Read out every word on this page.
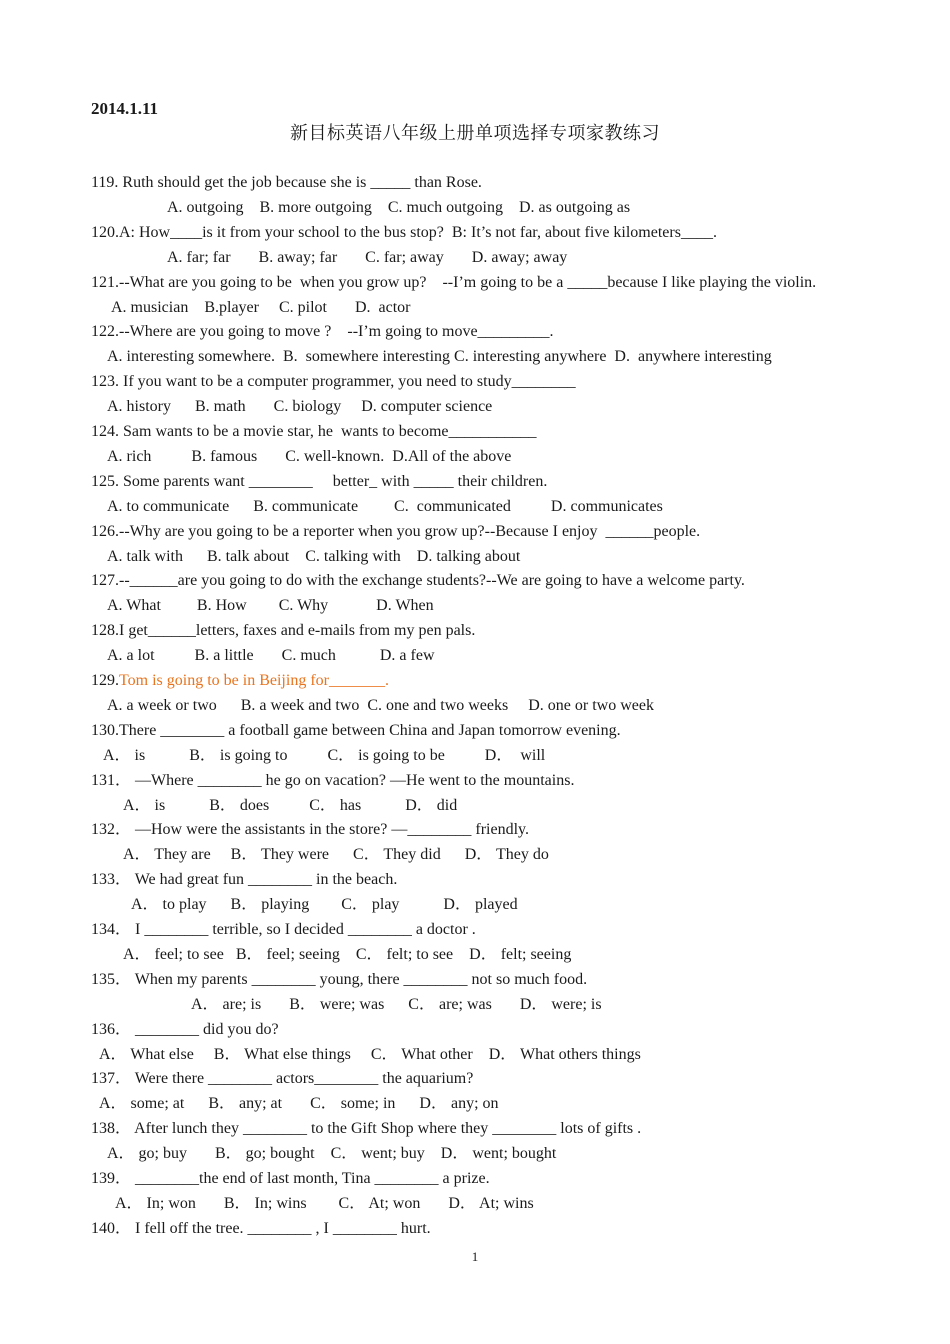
2014.1.11
新目标英语八年级上册单项选择专项家教练习
119. Ruth should get the job because she is _____ than Rose.
A. outgoing    B. more outgoing    C. much outgoing    D. as outgoing as
120.A: How____is it from your school to the bus stop?  B: It’s not far, about five kilometers____.
A. far; far       B. away; far       C. far; away       D. away; away
121.--What are you going to be  when you grow up?    --I’m going to be a _____because I like playing the violin.
A. musician    B.player     C. pilot       D.  actor
122.--Where are you going to move ?    --I’m going to move_________.
A. interesting somewhere.  B.  somewhere interesting C. interesting anywhere  D.  anywhere interesting
123. If you want to be a computer programmer, you need to study________
A. history      B. math       C. biology     D. computer science
124. Sam wants to be a movie star, he  wants to become___________
A. rich          B. famous       C. well-known.  D.All of the above
125. Some parents want ________     better_ with _____ their children.
A. to communicate      B. communicate         C.  communicated          D. communicates
126.--Why are you going to be a reporter when you grow up?--Because I enjoy  ______people.
A. talk with      B. talk about    C. talking with    D. talking about
127.--______are you going to do with the exchange students?--We are going to have a welcome party.
A. What         B. How        C. Why            D. When
128.I get______letters, faxes and e-mails from my pen pals.
A. a lot          B. a little       C. much           D. a few
129.Tom is going to be in Beijing for_______.
A. a week or two      B. a week and two  C. one and two weeks     D. one or two week
130.There ________ a football game between China and Japan tomorrow evening.
A． is           B． is going to          C． is going to be          D．  will
131． —Where ________ he go on vacation? —He went to the mountains.
A． is           B． does          C． has           D． did
132． —How were the assistants in the store? —________ friendly.
A． They are     B． They were      C． They did      D． They do
133． We had great fun ________ in the beach.
A． to play      B． playing        C． play           D． played
134． I ________ terrible, so I decided ________ a doctor .
A． feel; to see   B． feel; seeing    C． felt; to see    D． felt; seeing
135． When my parents ________ young, there ________ not so much food.
A． are; is       B． were; was      C． are; was       D． were; is
136． ________ did you do?
A． What else     B． What else things     C． What other    D． What others things
137． Were there ________ actors________ the aquarium?
A． some; at      B． any; at       C． some; in      D． any; on
138． After lunch they ________ to the Gift Shop where they ________ lots of gifts .
A． go; buy       B． go; bought    C． went; buy    D． went; bought
139． ________the end of last month, Tina ________ a prize.
A． In; won       B． In; wins        C． At; won       D． At; wins
140． I fell off the tree. ________ , I ________ hurt.
1
